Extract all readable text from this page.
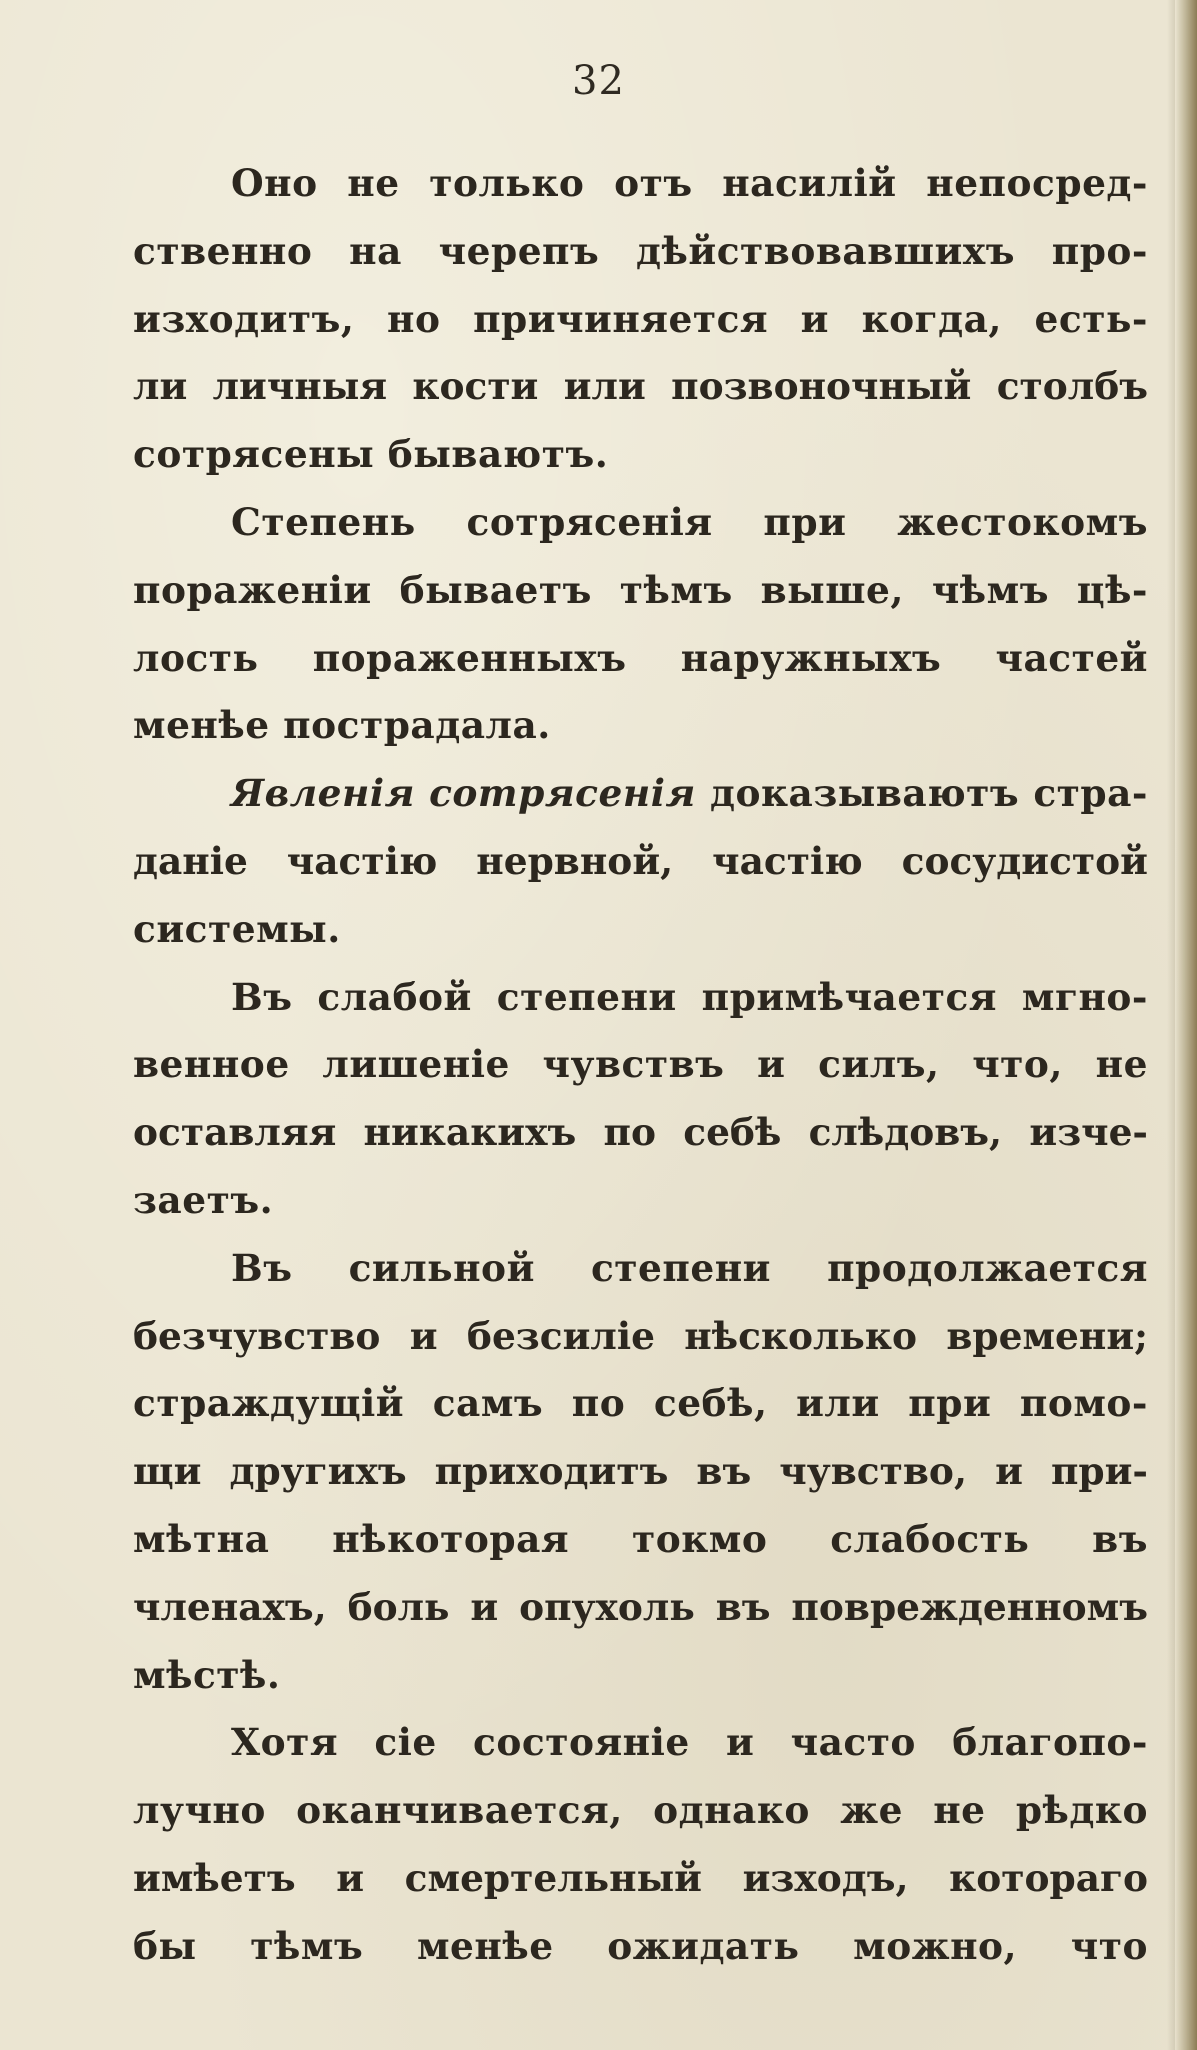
32
Оно не только отъ насилій непосред-
ственно на черепъ дѣйствовавшихъ про-
изходитъ, но причиняется и когда, есть-
ли личныя кости или позвоночный столбъ
сотрясены бываютъ.
Степень сотрясенія при жестокомъ
пораженіи бываетъ тѣмъ выше, чѣмъ цѣ-
лость пораженныхъ наружныхъ частей
менѣе пострадала.
Явленія сотрясенія доказываютъ стра-
даніе частію нервной, частію сосудистой
системы.
Въ слабой степени примѣчается мгно-
венное лишеніе чувствъ и силъ, что, не
оставляя никакихъ по себѣ слѣдовъ, изче-
заетъ.
Въ сильной степени продолжается
безчувство и безсиліе нѣсколько времени;
страждущій самъ по себѣ, или при помо-
щи другихъ приходитъ въ чувство, и при-
мѣтна нѣкоторая токмо слабость въ
членахъ, боль и опухоль въ поврежденномъ
мѣстѣ.
Хотя сіе состояніе и часто благопо-
лучно оканчивается, однако же не рѣдко
имѣетъ и смертельный изходъ, котораго
бы тѣмъ менѣе ожидать можно, что
